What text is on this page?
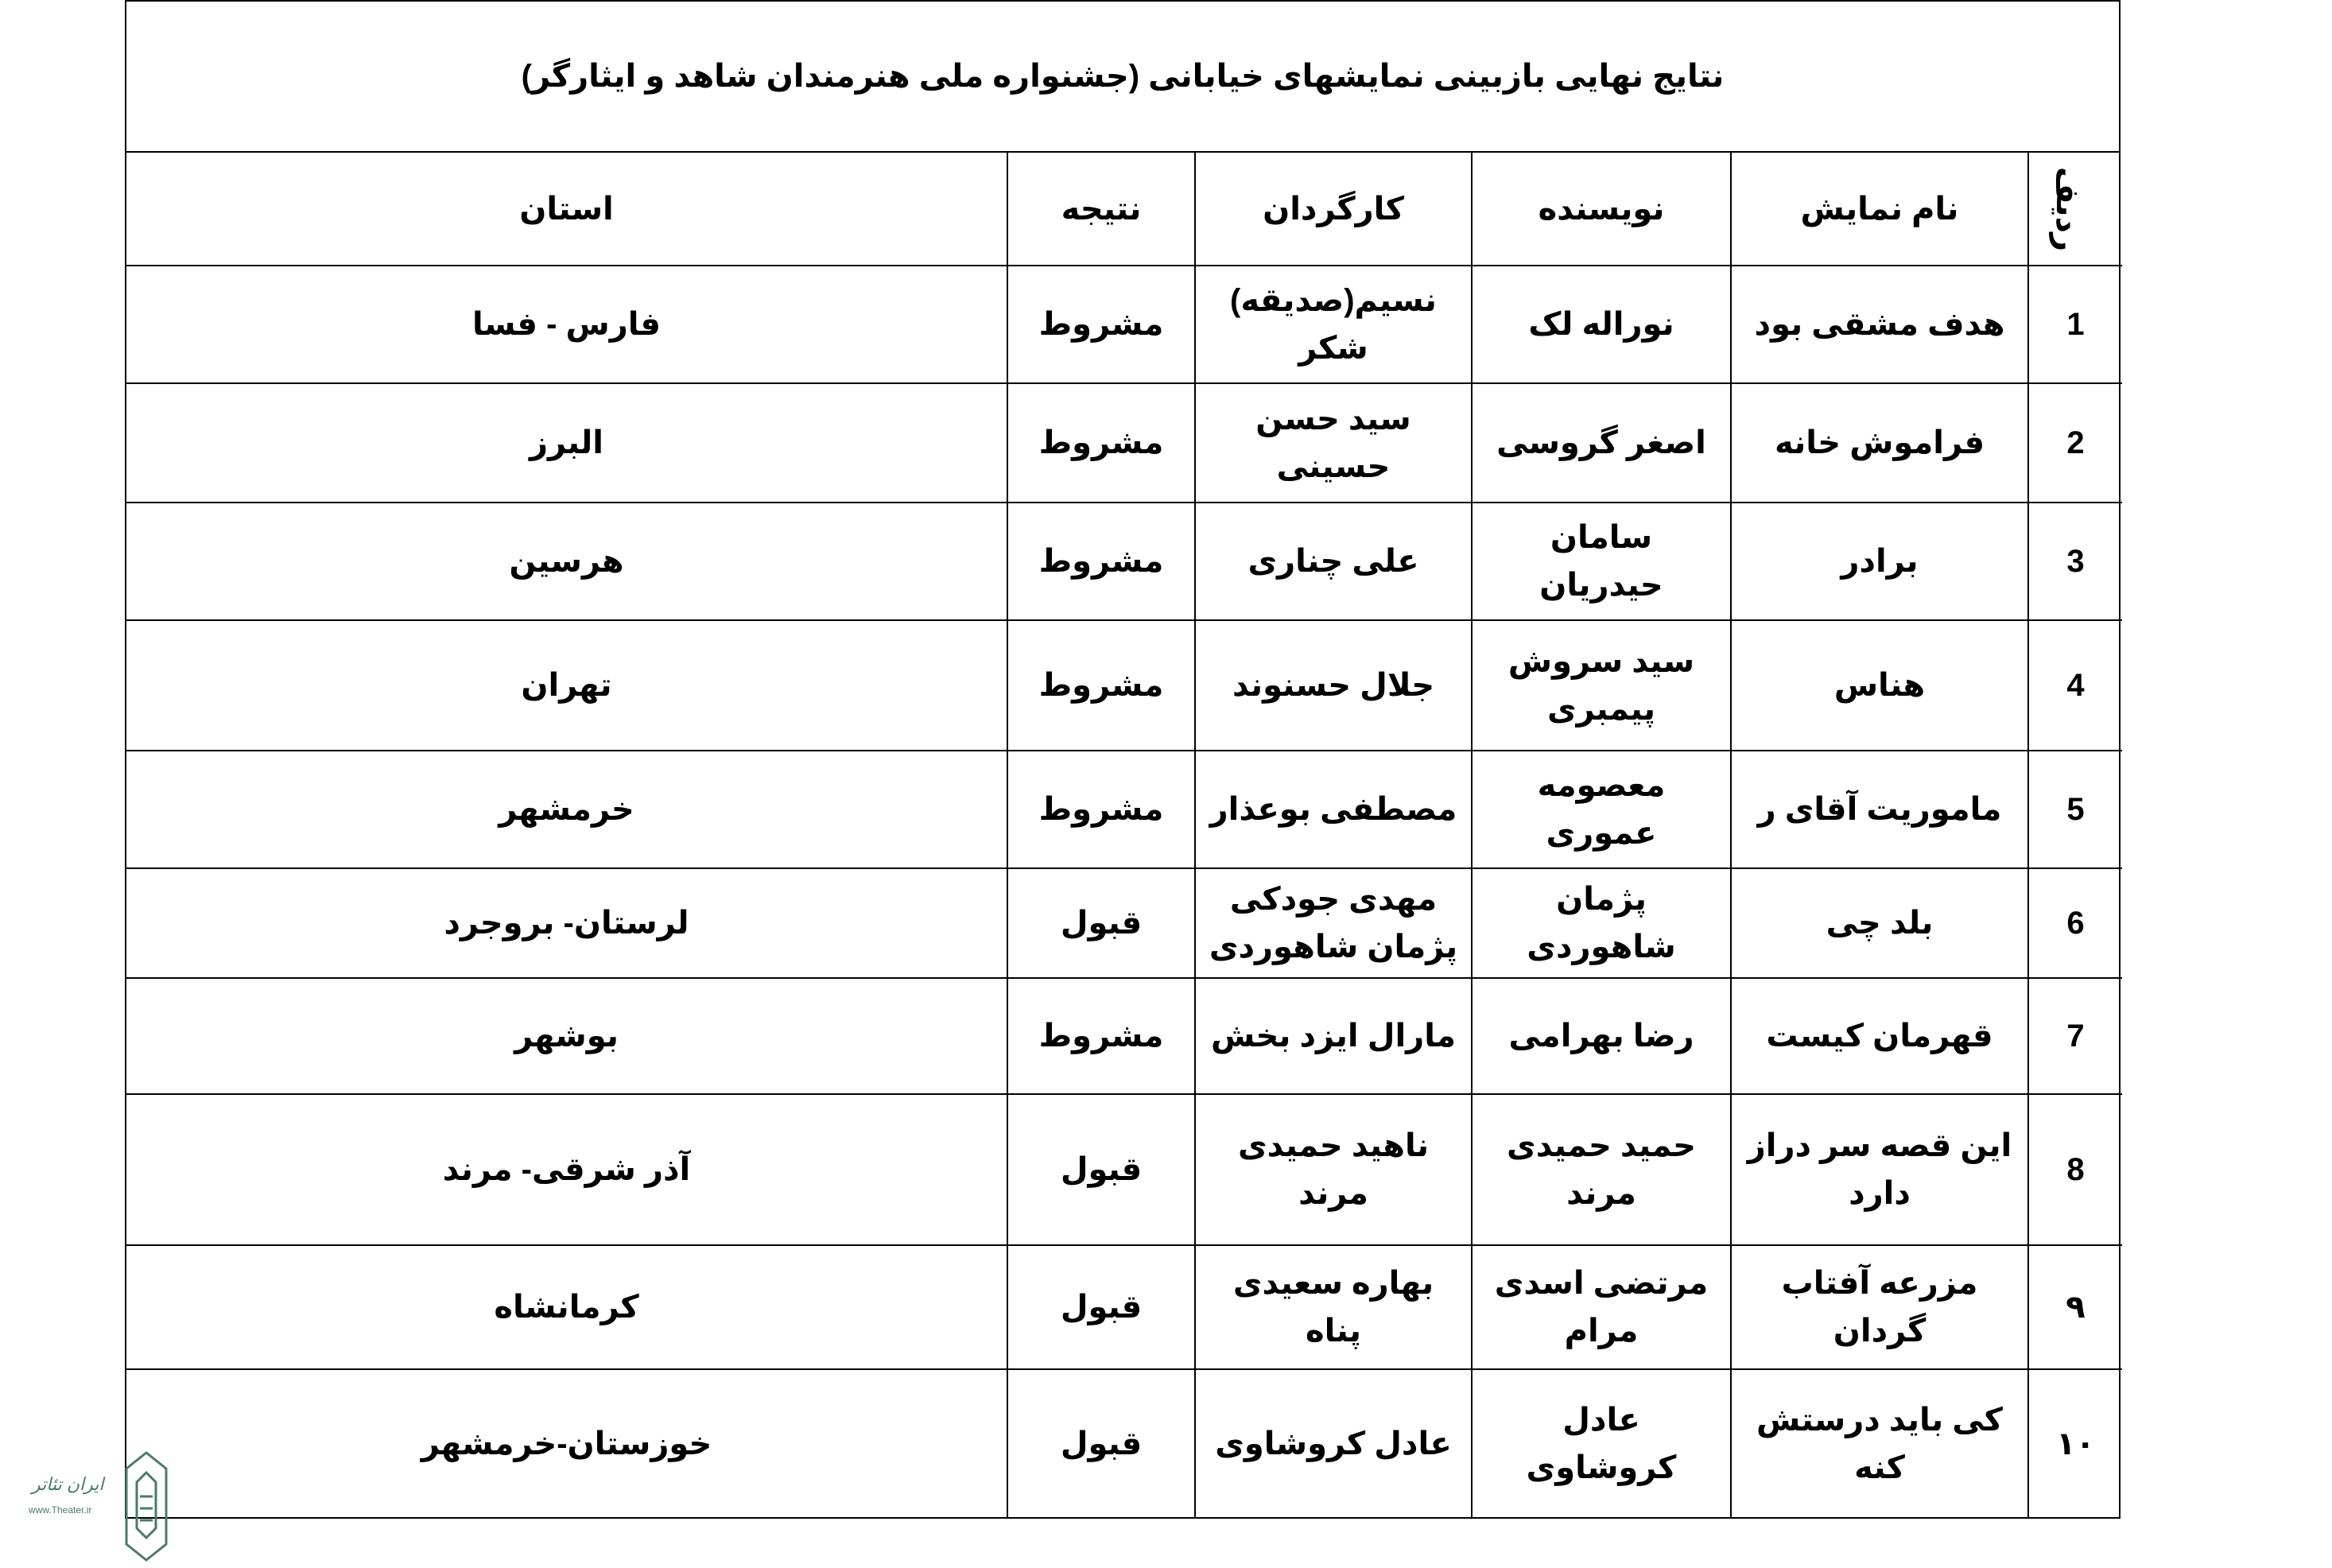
نتایج نهایی بازبینی نمایشهای خیابانی (جشنواره ملی هنرمندان شاهد و ایثارگر)
ردیف	نام نمایش	نویسنده	کارگردان	نتیجه	استان
1	هدف مشقی بود	نوراله لک	نسیم(صدیقه) شکر	مشروط	فارس - فسا
2	فراموش خانه	اصغر گروسی	سید حسن حسینی	مشروط	البرز
3	برادر	سامان حیدریان	علی چناری	مشروط	هرسین
4	هناس	سید سروش پیمبری	جلال حسنوند	مشروط	تهران
5	ماموریت آقای ر	معصومه عموری	مصطفی بوعذار	مشروط	خرمشهر
6	بلد چی	پژمان شاهوردی	مهدی جودکی پژمان شاهوردی	قبول	لرستان- بروجرد
7	قهرمان کیست	رضا بهرامی	مارال ایزد بخش	مشروط	بوشهر
8	این قصه سر دراز دارد	حمید حمیدی مرند	ناهید حمیدی مرند	قبول	آذر شرقی- مرند
۹	مزرعه آفتاب گردان	مرتضی اسدی مرام	بهاره سعیدی پناه	قبول	کرمانشاه
۱۰	کی باید درستش کنه	عادل کروشاوی	عادل کروشاوی	قبول	خوزستان-خرمشهر
ایران تئاتر
www.Theater.ir
